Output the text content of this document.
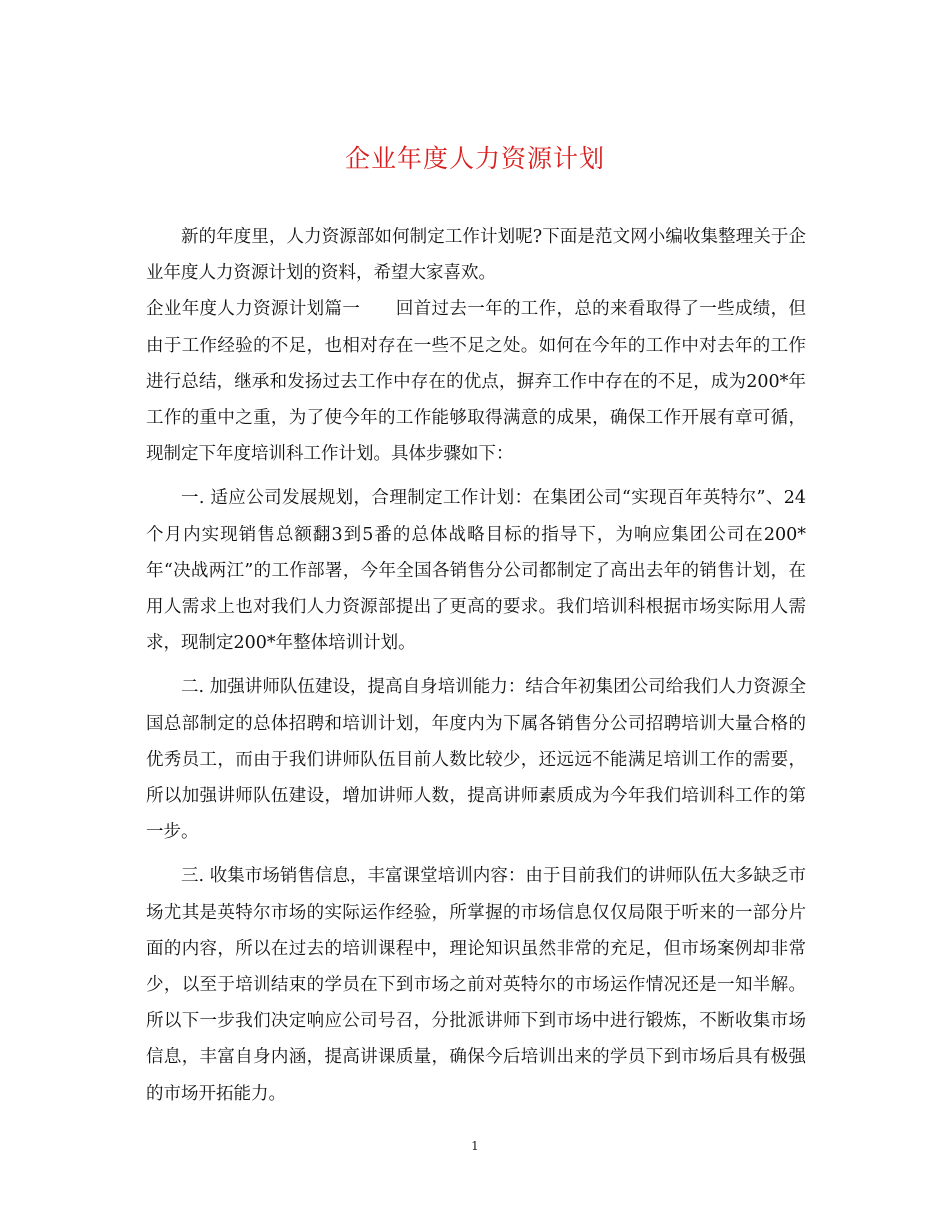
企业年度人力资源计划

新的年度里，人力资源部如何制定工作计划呢?下面是范文网小编收集整理关于企业年度人力资源计划的资料，希望大家喜欢。

企业年度人力资源计划篇一　　回首过去一年的工作，总的来看取得了一些成绩，但由于工作经验的不足，也相对存在一些不足之处。如何在今年的工作中对去年的工作进行总结，继承和发扬过去工作中存在的优点，摒弃工作中存在的不足，成为200*年工作的重中之重，为了使今年的工作能够取得满意的成果，确保工作开展有章可循，现制定下年度培训科工作计划。具体步骤如下：

一. 适应公司发展规划，合理制定工作计划：在集团公司“实现百年英特尔”、24个月内实现销售总额翻3到5番的总体战略目标的指导下，为响应集团公司在200*年“决战两江”的工作部署，今年全国各销售分公司都制定了高出去年的销售计划，在用人需求上也对我们人力资源部提出了更高的要求。我们培训科根据市场实际用人需求，现制定200*年整体培训计划。

二. 加强讲师队伍建设，提高自身培训能力：结合年初集团公司给我们人力资源全国总部制定的总体招聘和培训计划，年度内为下属各销售分公司招聘培训大量合格的优秀员工，而由于我们讲师队伍目前人数比较少，还远远不能满足培训工作的需要，所以加强讲师队伍建设，增加讲师人数，提高讲师素质成为今年我们培训科工作的第一步。

三. 收集市场销售信息，丰富课堂培训内容：由于目前我们的讲师队伍大多缺乏市场尤其是英特尔市场的实际运作经验，所掌握的市场信息仅仅局限于听来的一部分片面的内容，所以在过去的培训课程中，理论知识虽然非常的充足，但市场案例却非常少，以至于培训结束的学员在下到市场之前对英特尔的市场运作情况还是一知半解。所以下一步我们决定响应公司号召，分批派讲师下到市场中进行锻炼，不断收集市场信息，丰富自身内涵，提高讲课质量，确保今后培训出来的学员下到市场后具有极强的市场开拓能力。

1
